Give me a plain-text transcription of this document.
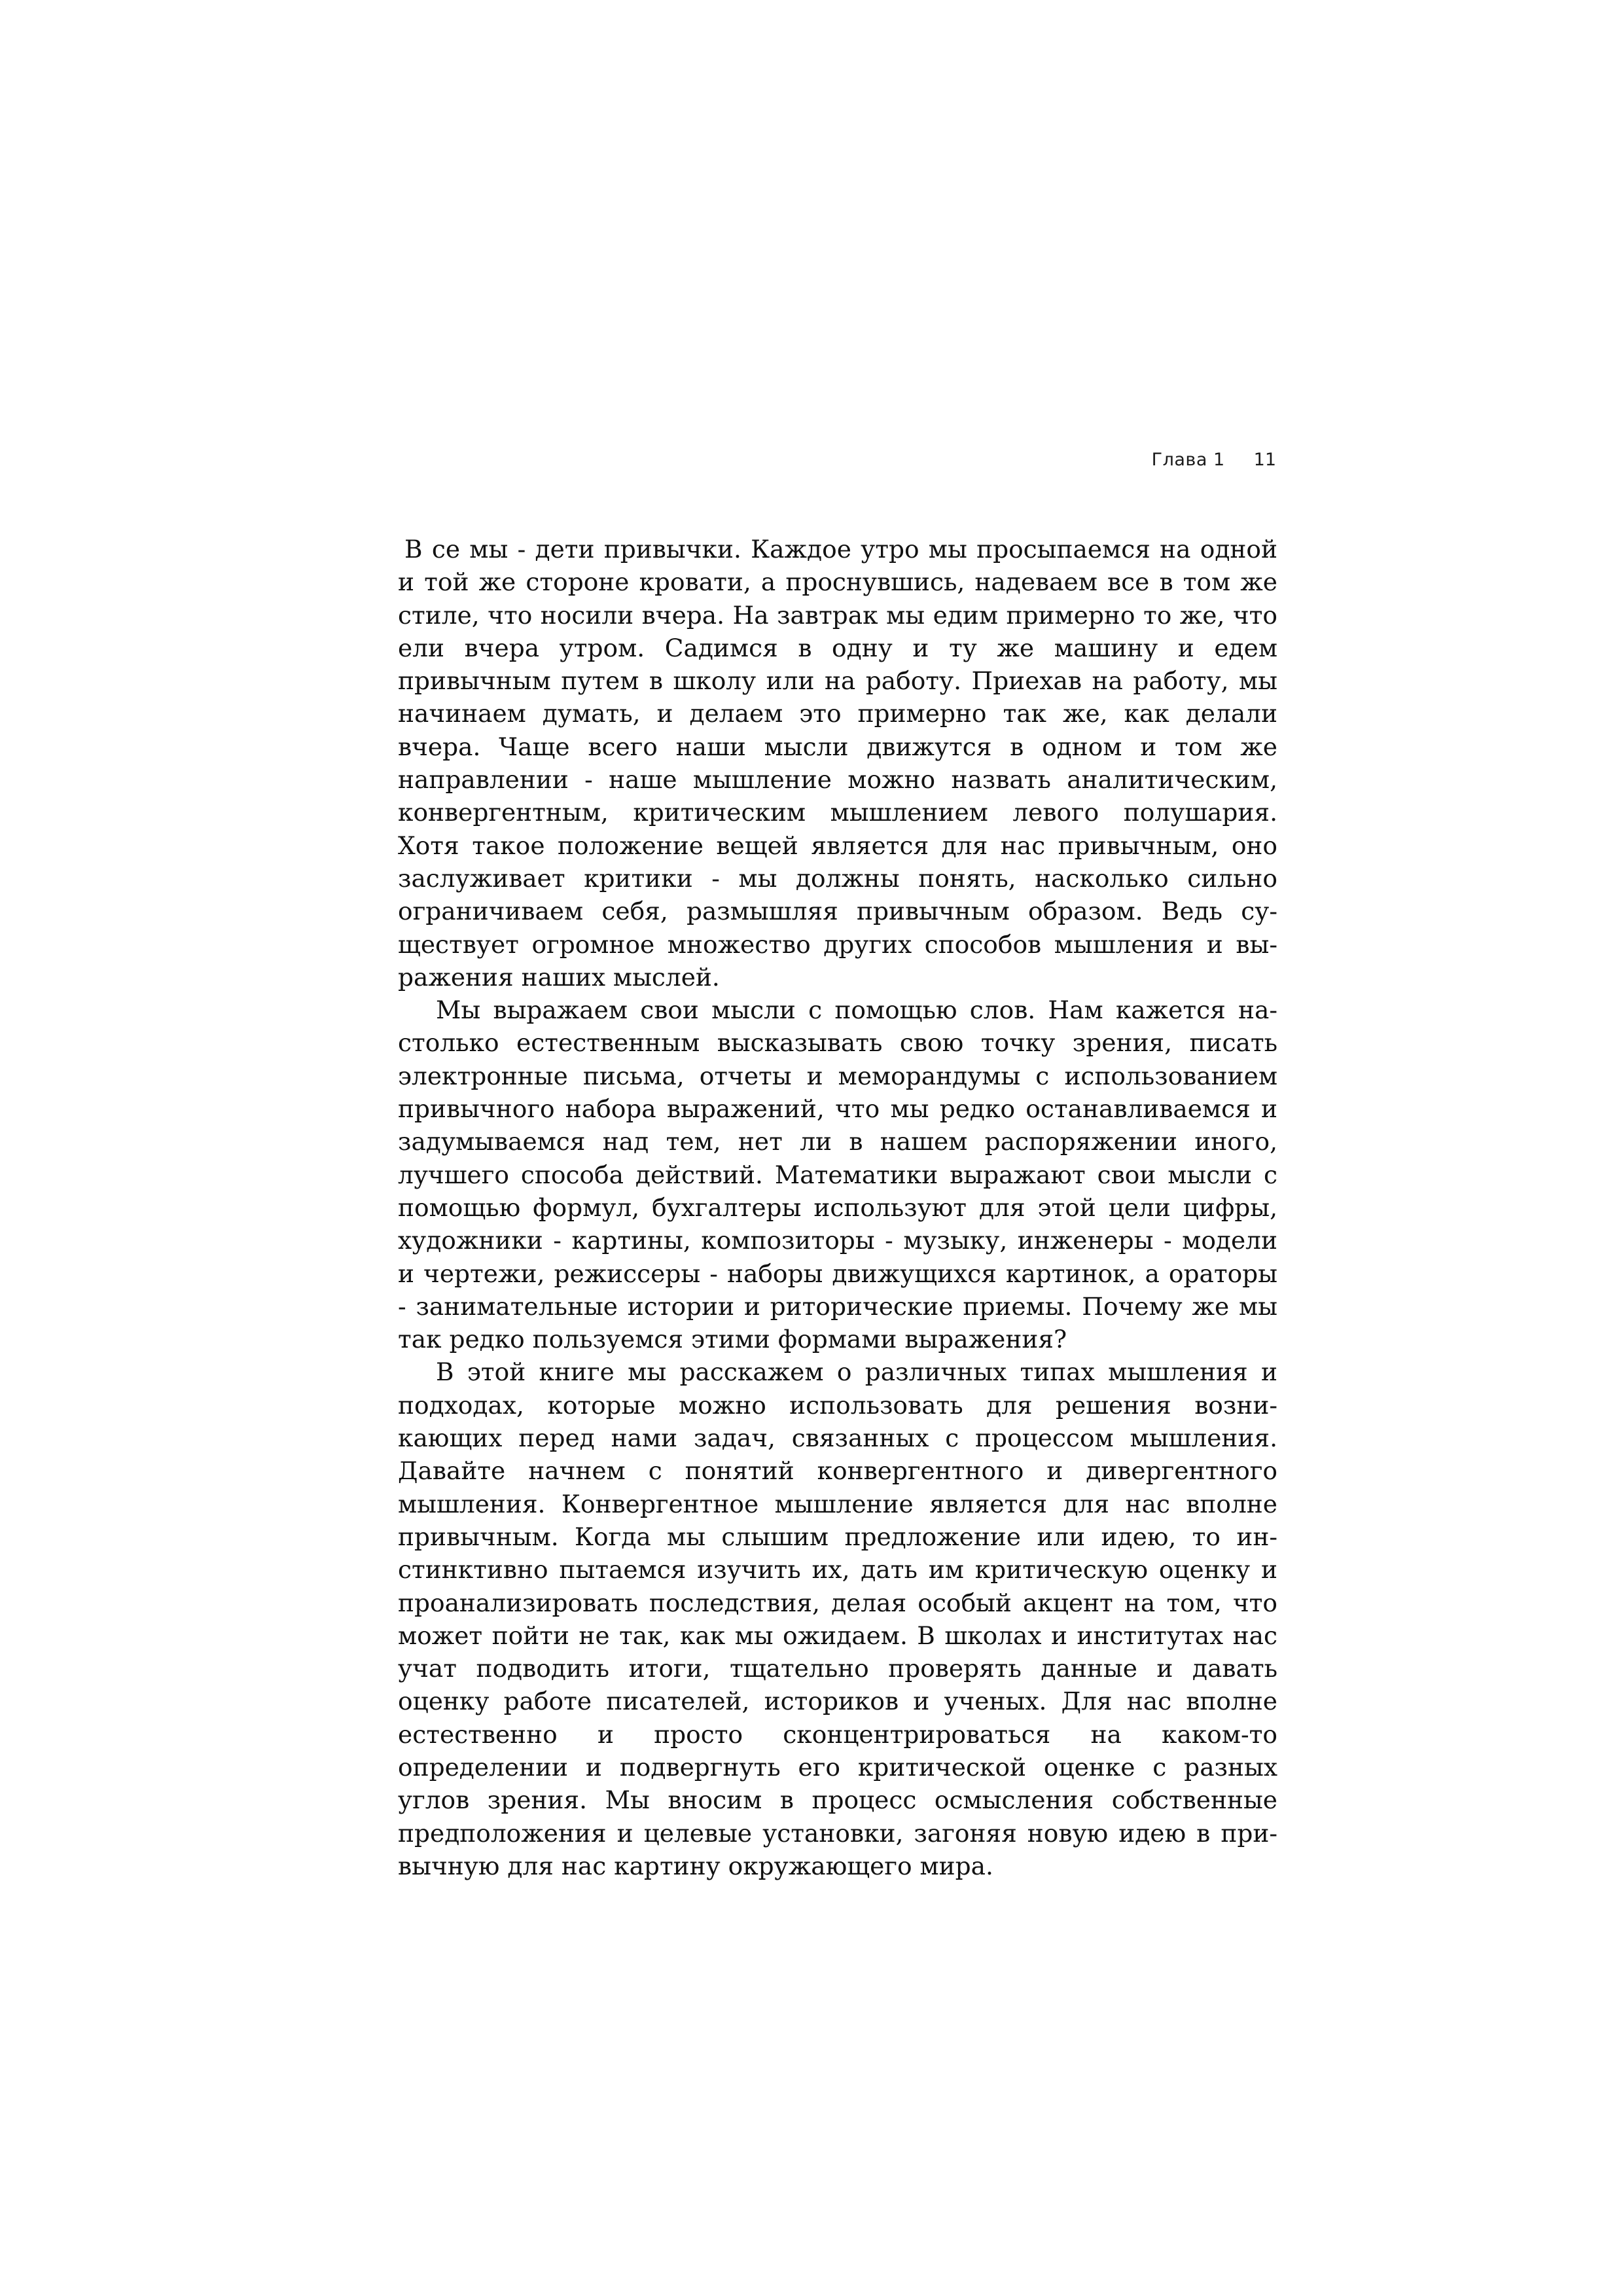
Глава 1 11

В се мы - дети привычки. Каждое утро мы просыпаемся на одной и той же стороне кровати, а проснувшись, надеваем все в том же стиле, что носили вчера. На завтрак мы едим примерно то же, что ели вчера утром. Садимся в одну и ту же машину и едем привычным путем в школу или на работу. Приехав на работу, мы начинаем думать, и делаем это примерно так же, как делали вчера. Чаще всего наши мысли движутся в одном и том же направлении - наше мышление можно назвать аналитическим, конвергентным, критическим мышлением левого полушария. Хотя такое положение вещей является для нас привычным, оно заслуживает критики - мы должны понять, насколько сильно ограничиваем себя, размышляя привычным образом. Ведь существует огромное множество других способов мышления и выражения наших мыслей.

Мы выражаем свои мысли с помощью слов. Нам кажется настолько естественным высказывать свою точку зрения, писать электронные письма, отчеты и меморандумы с использованием привычного набора выражений, что мы редко останавливаемся и задумываемся над тем, нет ли в нашем распоряжении иного, лучшего способа действий. Математики выражают свои мысли с помощью формул, бухгалтеры используют для этой цели цифры, художники - картины, композиторы - музыку, инженеры - модели и чертежи, режиссеры - наборы движущихся картинок, а ораторы - занимательные истории и риторические приемы. Почему же мы так редко пользуемся этими формами выражения?

В этой книге мы расскажем о различных типах мышления и подходах, которые можно использовать для решения возникающих перед нами задач, связанных с процессом мышления. Давайте начнем с понятий конвергентного и дивергентного мышления. Конвергентное мышление является для нас вполне привычным. Когда мы слышим предложение или идею, то инстинктивно пытаемся изучить их, дать им критическую оценку и проанализировать последствия, делая особый акцент на том, что может пойти не так, как мы ожидаем. В школах и институтах нас учат подводить итоги, тщательно проверять данные и давать оценку работе писателей, историков и ученых. Для нас вполне естественно и просто сконцентрироваться на каком-то определении и подвергнуть его критической оценке с разных углов зрения. Мы вносим в процесс осмысления собственные предположения и целевые установки, загоняя новую идею в привычную для нас картину окружающего мира.
